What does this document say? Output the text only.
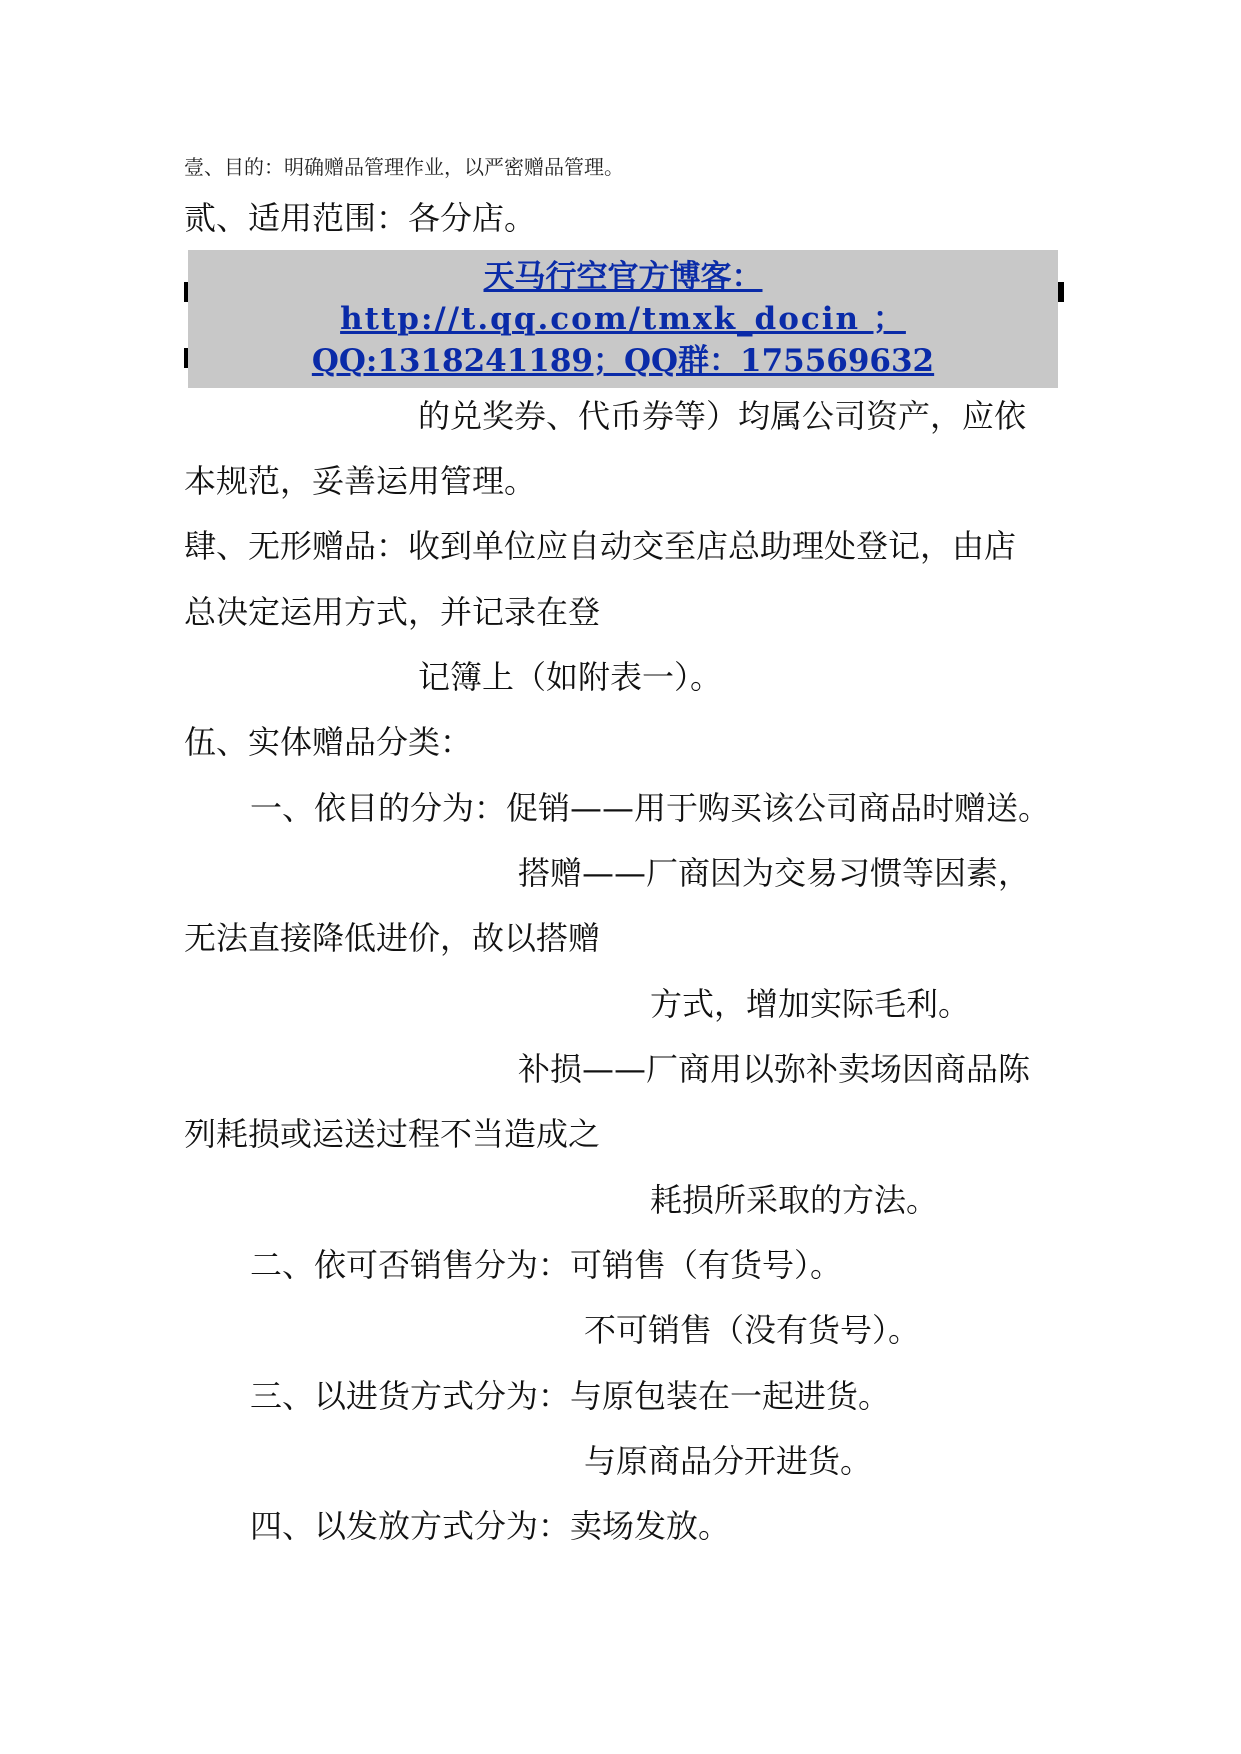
壹、目的：明确赠品管理作业，以严密赠品管理。
贰、适用范围：各分店。
天马行空官方博客：
http://t.qq.com/tmxk_docin ；
QQ:1318241189；QQ群：175569632
的兑奖券、代币券等）均属公司资产，应依
本规范，妥善运用管理。
肆、无形赠品：收到单位应自动交至店总助理处登记，由店
总决定运用方式，并记录在登
记簿上（如附表一）。
伍、实体赠品分类：
一、依目的分为：促销——用于购买该公司商品时赠送。
搭赠——厂商因为交易习惯等因素，
无法直接降低进价，故以搭赠
方式，增加实际毛利。
补损——厂商用以弥补卖场因商品陈
列耗损或运送过程不当造成之
耗损所采取的方法。
二、依可否销售分为：可销售（有货号）。
不可销售（没有货号）。
三、以进货方式分为：与原包装在一起进货。
与原商品分开进货。
四、以发放方式分为：卖场发放。
